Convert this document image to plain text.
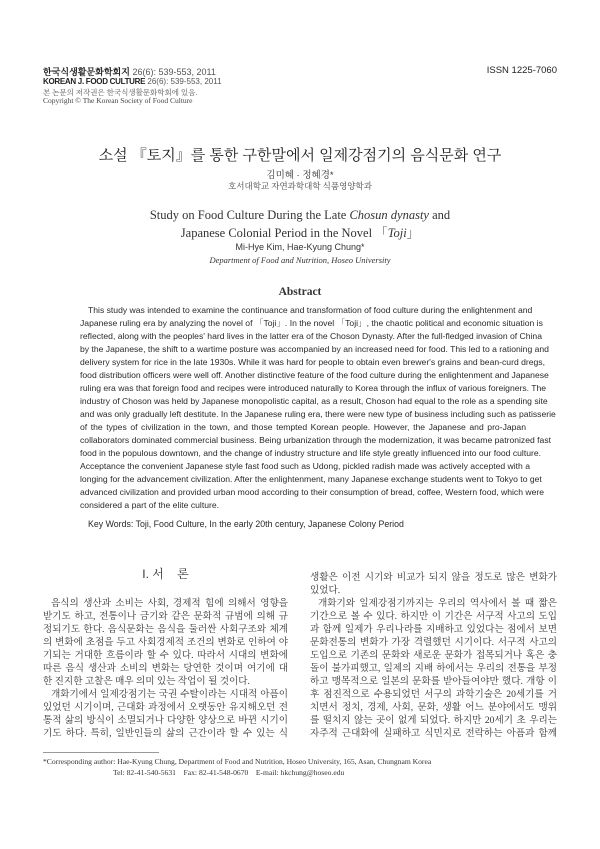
한국식생활문화학회지 26(6): 539-553, 2011
KOREAN J. FOOD CULTURE 26(6): 539-553, 2011
본 논문의 저작권은 한국식생활문화학회에 있음.
Copyright © The Korean Society of Food Culture
ISSN 1225-7060
소설 『토지』를 통한 구한말에서 일제강점기의 음식문화 연구
김미혜 · 정혜경*
호서대학교 자연과학대학 식품영양학과
Study on Food Culture During the Late Chosun dynasty and
Japanese Colonial Period in the Novel 「Toji」
Mi-Hye Kim, Hae-Kyung Chung*
Department of Food and Nutrition, Hoseo University
Abstract
This study was intended to examine the continuance and transformation of food culture during the enlightenment and
Japanese ruling era by analyzing the novel of 「Toji」. In the novel 「Toji」, the chaotic political and economic situation is
reflected, along with the peoples' hard lives in the latter era of the Choson Dynasty. After the full-fledged invasion of China
by the Japanese, the shift to a wartime posture was accompanied by an increased need for food. This led to a rationing and
delivery system for rice in the late 1930s. While it was hard for people to obtain even brewer's grains and bean-curd dregs,
food distribution officers were well off. Another distinctive feature of the food culture during the enlightenment and Japanese
ruling era was that foreign food and recipes were introduced naturally to Korea through the influx of various foreigners. The
industry of Choson was held by Japanese monopolistic capital, as a result, Choson had equal to the role as a spending site
and was only gradually left destitute. In the Japanese ruling era, there were new type of business including such as patisserie
of the types of civilization in the town, and those tempted Korean people. However, the Japanese and pro-Japan
collaborators dominated commercial business. Being urbanization through the modernization, it was became patronized fast
food in the populous downtown, and the change of industry structure and life style greatly influenced into our food culture.
Acceptance the convenient Japanese style fast food such as Udong, pickled radish made was actively accepted with a
longing for the advancement civilization. After the enlightenment, many Japanese exchange students went to Tokyo to get
advanced civilization and provided urban mood according to their consumption of bread, coffee, Western food, which were
considered a part of the elite culture.
Key Words: Toji, Food Culture, In the early 20th century, Japanese Colony Period
I. 서    론
음식의 생산과 소비는 사회, 경제적 힘에 의해서 영향을
받기도 하고, 전통이나 금기와 같은 문화적 규범에 의해 규
정되기도 한다. 음식문화는 음식을 둘러싼 사회구조와 체계
의 변화에 초점을 두고 사회경제적 조건의 변화로 인하여 야
기되는 거대한 흐름이라 할 수 있다. 따라서 시대의 변화에
따른 음식 생산과 소비의 변화는 당연한 것이며 여기에 대
한 진지한 고찰은 매우 의미 있는 작업이 될 것이다.
개화기에서 일제강점기는 국권 수탈이라는 시대적 아픔이
있었던 시기이며, 근대화 과정에서 오랫동안 유지해오던 전
통적 삶의 방식이 소멸되거나 다양한 양상으로 바뀐 시기이
기도 하다. 특히, 일반인들의 삶의 근간이라 할 수 있는 식
생활은 이전 시기와 비교가 되지 않을 정도로 많은 변화가
있었다.
개화기와 일제강점기까지는 우리의 역사에서 볼 때 짧은
기간으로 볼 수 있다. 하지만 이 기간은 서구적 사고의 도입
과 함께 일제가 우리나라를 지배하고 있었다는 점에서 보면
문화전통의 변화가 가장 격렬했던 시기이다. 서구적 사고의
도입으로 기존의 문화와 새로운 문화가 접목되거나 혹은 충
돌이 불가피했고, 일제의 지배 하에서는 우리의 전통을 부정
하고 맹목적으로 일본의 문화를 받아들여야만 했다. 개항 이
후 점진적으로 수용되었던 서구의 과학기술은 20세기를 거
치면서 정치, 경제, 사회, 문화, 생활 어느 분야에서도 맹위
를 떨치지 않는 곳이 없게 되었다. 하지만 20세기 초 우리는
자주적 근대화에 실패하고 식민지로 전락하는 아픔과 함께
*Corresponding author: Hae-Kyung Chung, Department of Food and Nutrition, Hoseo University, 165, Asan, Chungnam Korea
Tel: 82-41-540-5631    Fax: 82-41-548-0670    E-mail: hkchung@hoseo.edu
